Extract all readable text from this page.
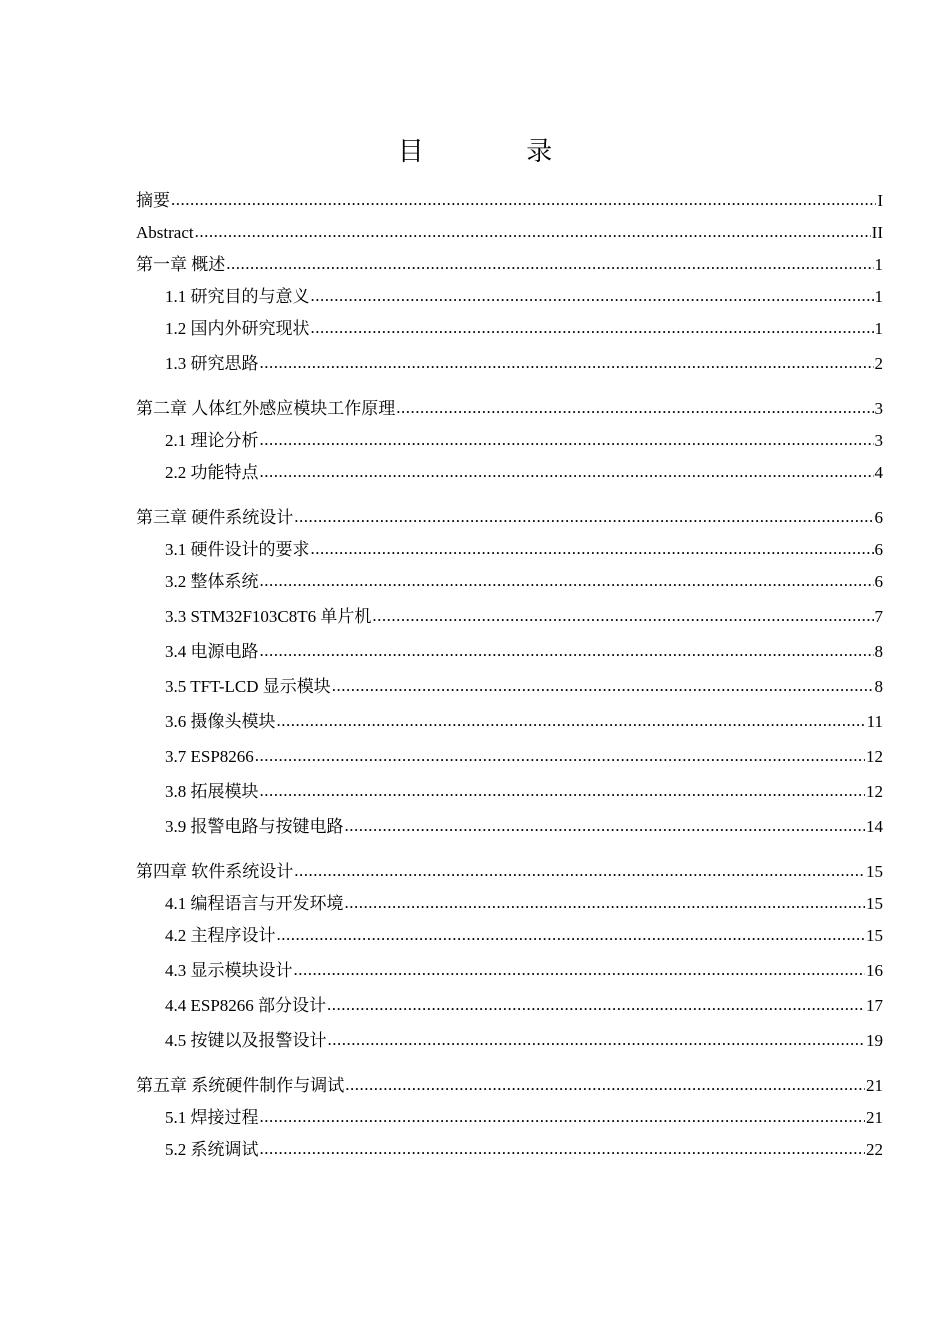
目 录
摘要 .....	I
Abstract .....	II
第一章 概述 .....	1
1.1 研究目的与意义 .....	1
1.2 国内外研究现状 .....	1
1.3 研究思路 .....	2
第二章 人体红外感应模块工作原理 .....	3
2.1 理论分析 .....	3
2.2 功能特点 .....	4
第三章 硬件系统设计 .....	6
3.1 硬件设计的要求 .....	6
3.2 整体系统 .....	6
3.3 STM32F103C8T6 单片机 .....	7
3.4 电源电路 .....	8
3.5 TFT-LCD 显示模块 .....	8
3.6 摄像头模块 .....	11
3.7 ESP8266 .....	12
3.8 拓展模块 .....	12
3.9 报警电路与按键电路 .....	14
第四章 软件系统设计 .....	15
4.1 编程语言与开发环境 .....	15
4.2 主程序设计 .....	15
4.3 显示模块设计 .....	16
4.4 ESP8266 部分设计 .....	17
4.5 按键以及报警设计 .....	19
第五章 系统硬件制作与调试 .....	21
5.1 焊接过程 .....	21
5.2 系统调试 .....	22
